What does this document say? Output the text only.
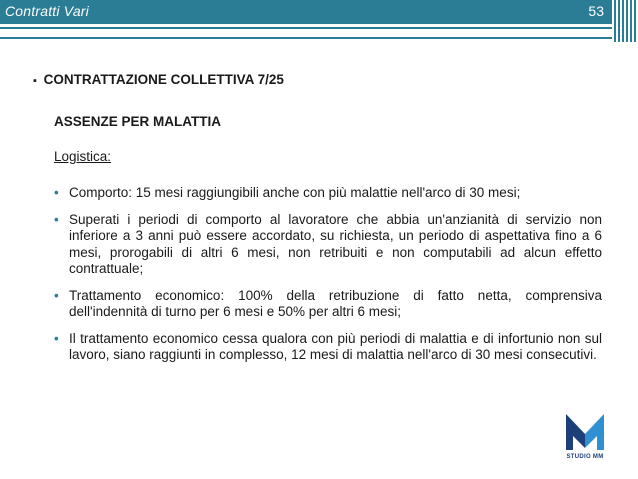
Contratti Vari	53
▪ CONTRATTAZIONE COLLETTIVA 7/25
ASSENZE PER MALATTIA
Logistica:
• Comporto: 15 mesi raggiungibili anche con più malattie nell'arco di 30 mesi;
• Superati i periodi di comporto al lavoratore che abbia un'anzianità di servizio non inferiore a 3 anni può essere accordato, su richiesta, un periodo di aspettativa fino a 6 mesi, prorogabili di altri 6 mesi, non retribuiti e non computabili ad alcun effetto contrattuale;
• Trattamento economico: 100% della retribuzione di fatto netta, comprensiva dell'indennità di turno per 6 mesi e 50% per altri 6 mesi;
• Il trattamento economico cessa qualora con più periodi di malattia e di infortunio non sul lavoro, siano raggiunti in complesso, 12 mesi di malattia nell'arco di 30 mesi consecutivi.
STUDIO MM
